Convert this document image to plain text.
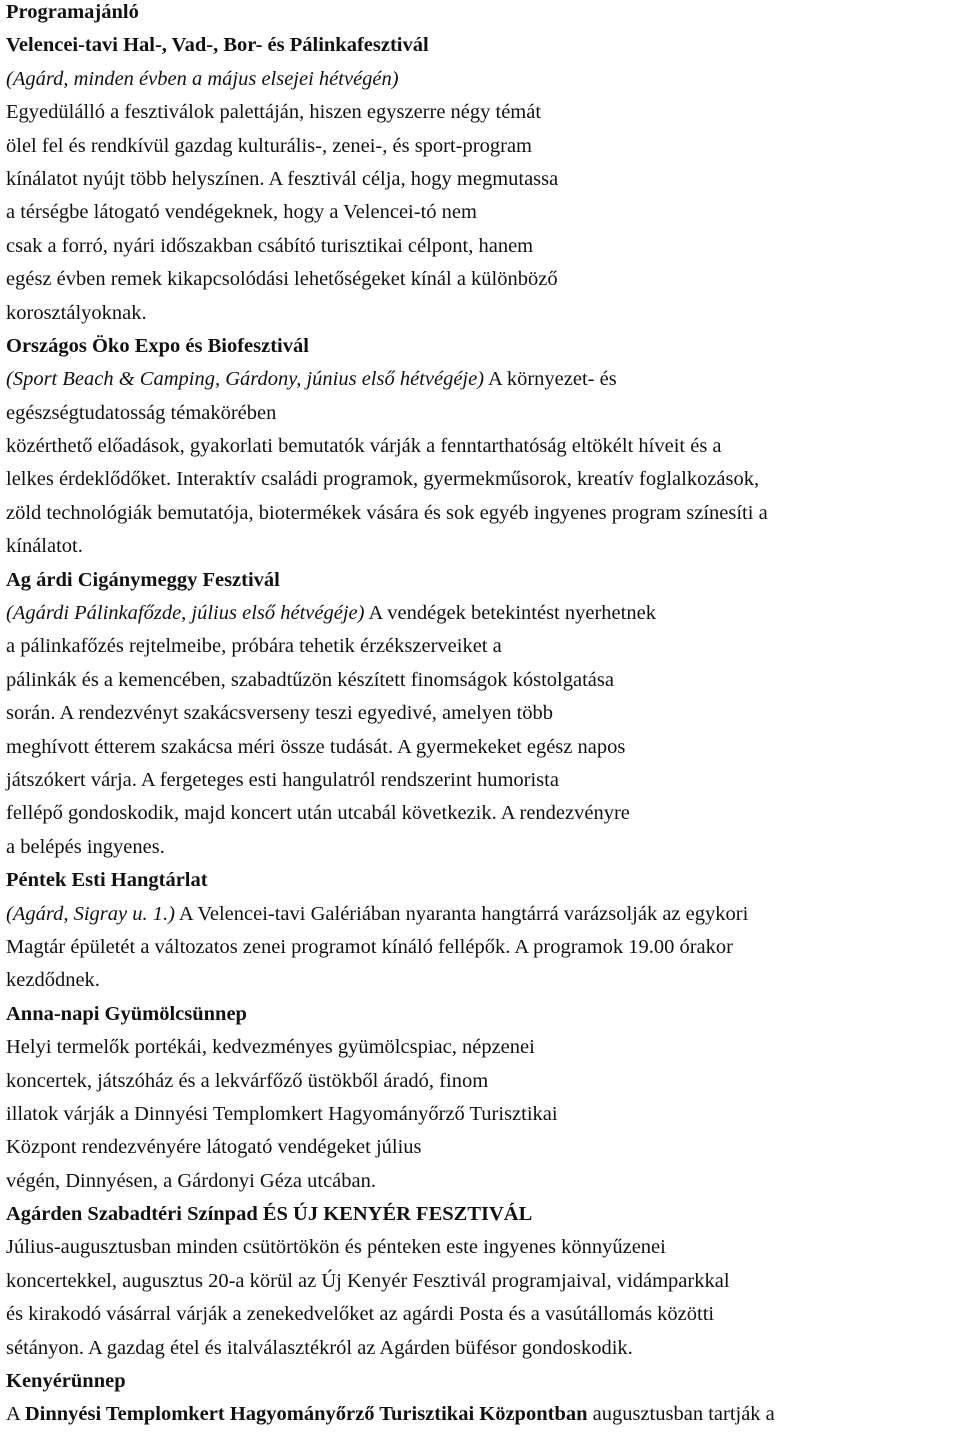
Programajánló
Velencei-tavi Hal-, Vad-, Bor- és Pálinkafesztivál
(Agárd, minden évben a május elsejei hétvégén)
Egyedülálló a fesztiválok palettáján, hiszen egyszerre négy témát
ölel fel és rendkívül gazdag kulturális-, zenei-, és sport-program
kínálatot nyújt több helyszínen. A fesztivál célja, hogy megmutassa
a térségbe látogató vendégeknek, hogy a Velencei-tó nem
csak a forró, nyári időszakban csábító turisztikai célpont, hanem
egész évben remek kikapcsolódási lehetőségeket kínál a különböző
korosztályoknak.
Országos Öko Expo és Biofesztivál
(Sport Beach & Camping, Gárdony, június első hétvégéje) A környezet- és
egészségtudatosság témakörében
közérthető előadások, gyakorlati bemutatók várják a fenntarthatóság eltökélt híveit és a
lelkes érdeklődőket. Interaktív családi programok, gyermekműsorok, kreatív foglalkozások,
zöld technológiák bemutatója, biotermékek vására és sok egyéb ingyenes program színesíti a
kínálatot.
Ag árdi Cigánymeggy Fesztivál
(Agárdi Pálinkafőzde, július első hétvégéje) A vendégek betekintést nyerhetnek
a pálinkafőzés rejtelmeibe, próbára tehetik érzékszerveiket a
pálinkák és a kemencében, szabadtűzön készített finomságok kóstolgatása
során. A rendezvényt szakácsverseny teszi egyedivé, amelyen több
meghívott étterem szakácsa méri össze tudását. A gyermekeket egész napos
játszókert várja. A fergeteges esti hangulatról rendszerint humorista
fellépő gondoskodik, majd koncert után utcabál következik. A rendezvényre
a belépés ingyenes.
Péntek Esti Hangtárlat
(Agárd, Sigray u. 1.) A Velencei-tavi Galériában nyaranta hangtárrá varázsolják az egykori
Magtár épületét a változatos zenei programot kínáló fellépők. A programok 19.00 órakor
kezdődnek.
Anna-napi Gyümölcsünnep
Helyi termelők portékái, kedvezményes gyümölcspiac, népzenei
koncertek, játszóház és a lekvárfőző üstökből áradó, finom
illatok várják a Dinnyési Templomkert Hagyományőrző Turisztikai
Központ rendezvényére látogató vendégeket július
végén, Dinnyésen, a Gárdonyi Géza utcában.
Agárden Szabadtéri Színpad ÉS ÚJ KENYÉR FESZTIVÁL
Július-augusztusban minden csütörtökön és pénteken este ingyenes könnyűzenei
koncertekkel, augusztus 20-a körül az Új Kenyér Fesztivál programjaival, vidámparkkal
és kirakodó vásárral várják a zenekedvelőket az agárdi Posta és a vasútállomás közötti
sétányon. A gazdag étel és italválasztékról az Agárden büfésor gondoskodik.
Kenyérünnep
A Dinnyési Templomkert Hagyományőrző Turisztikai Központban augusztusban tartják a
